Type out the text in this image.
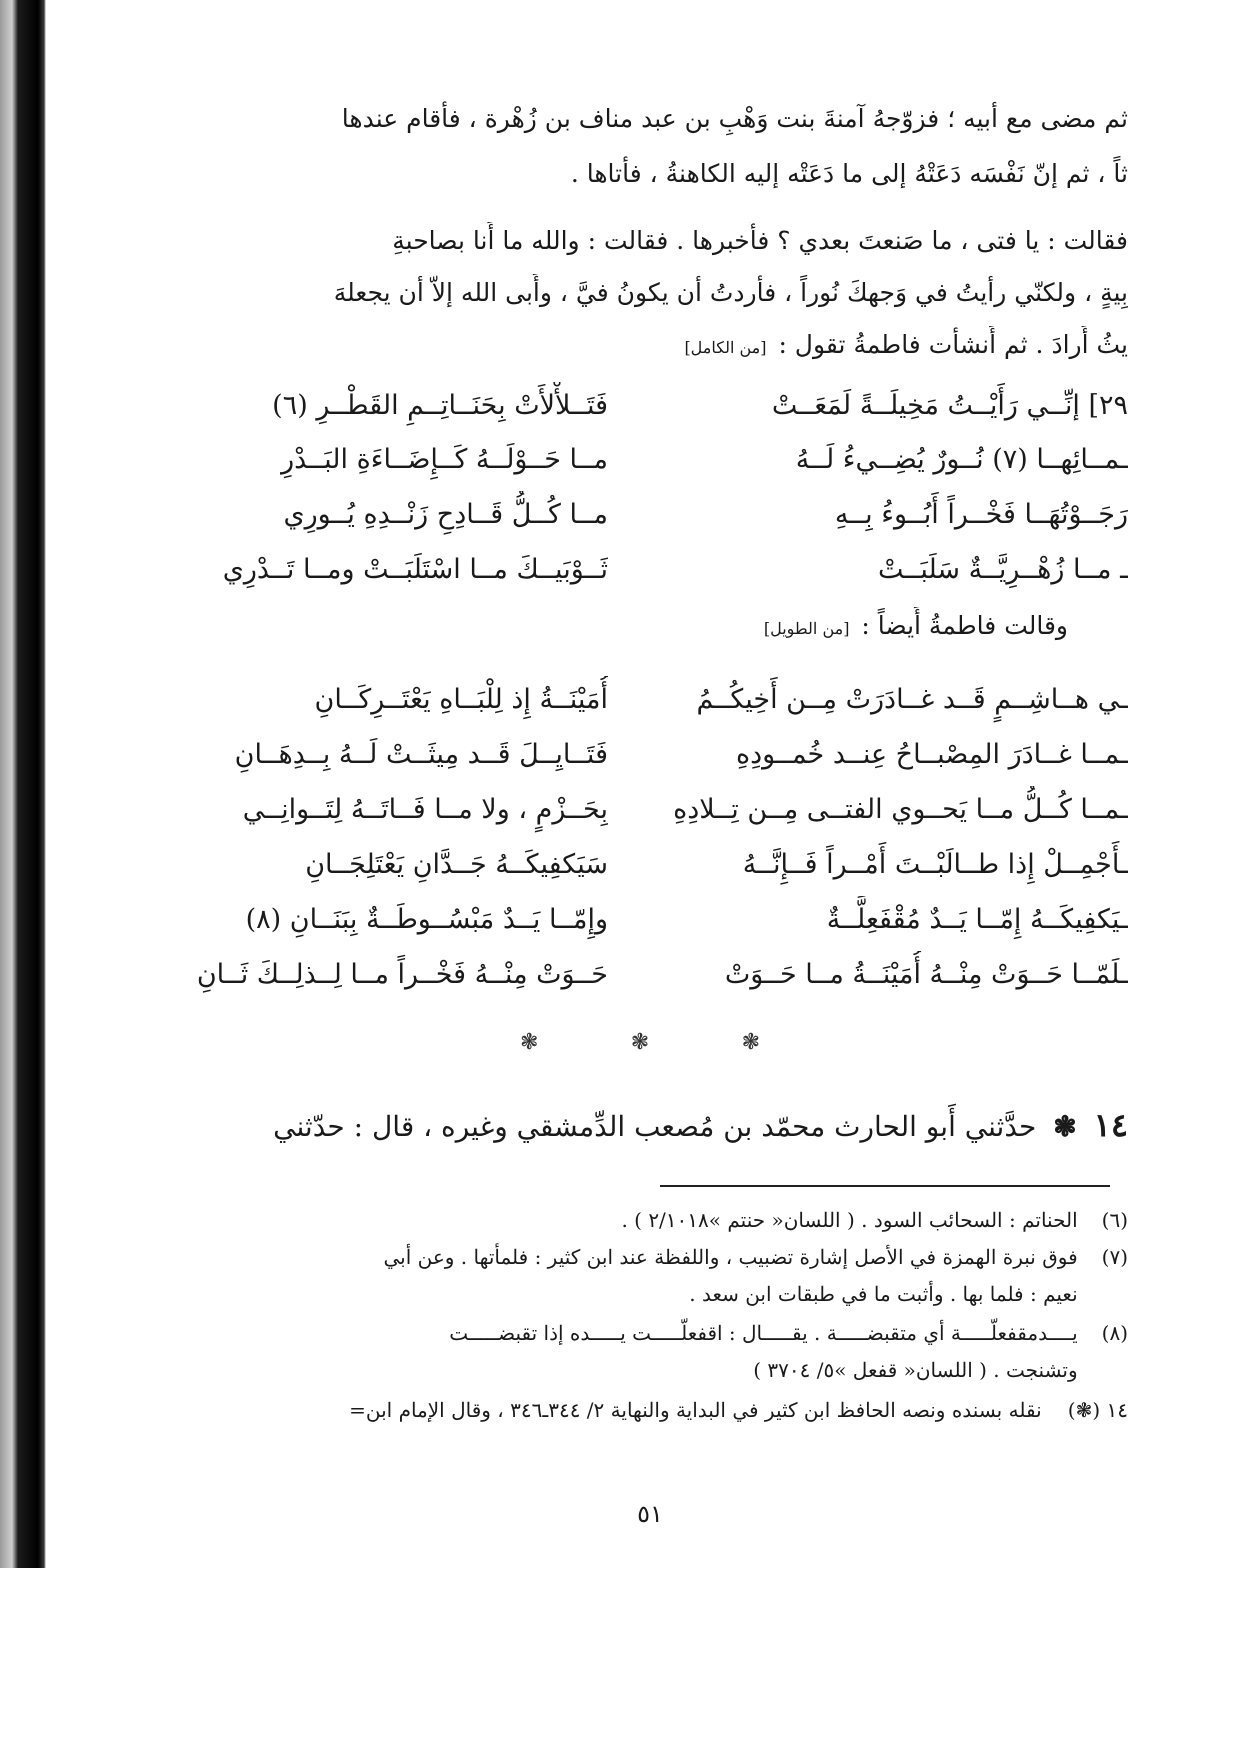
ثم مضى مع أبيه ؛ فزوّجهُ آمنةَ بنت وَهْبِ بن عبد مناف بن زُهْرة ، فأقام عندها
ثاً ، ثم إنّ نَفْسَه دَعَتْهُ إلى ما دَعَتْه إليه الكاهنةُ ، فأتاها .
فقالت : يا فتى ، ما صَنعتَ بعدي ؟ فأَخبرها . فقالت : والله ما أَنا بصاحبةِ
بِيةٍ ، ولكنّي رأيتُ في وَجهكَ نُوراً ، فأَردتُ أن يكونُ فيَّ ، وأَبى الله إلاّ أن يجعلهَ
يثُ أَرادَ . ثم أَنشأت فاطمةُ تقول : [من الكامل]
٢٩] إنِّــي رَأَيْــتُ مَخِيلَــةً لَمَعَــتْ
فَتَــلأْلأَتْ بِحَنَــاتِــمِ القَطْــرِ (٦)
ـمــائِهــا (٧) نُــورٌ يُضِــيءُ لَــهُ
مــا حَــوْلَــهُ كَــإِضَــاءَةِ البَــدْرِ
رَجَــوْتُهَــا فَخْــراً أَبُــوءُ بِــهِ
مــا كُــلُّ قَــادِحِ زَنْــدِهِ يُــورِي
ـ مــا زُهْــرِيَّــةٌ سَلَبَــتْ
ثَــوْبَيــكَ مــا اسْتَلَبَــتْ ومــا تَــدْرِي
وقالت فاطمةُ أَيضاً : [من الطويل]
ـي هــاشِــمٍ قَــد غــادَرَتْ مِــن أَخِيكُــمُ
أُمَيْنَــةُ إِذ لِلْبَــاهِ يَعْتَــرِكَــانِ
ـمــا غــادَرَ المِصْبــاحُ عِنــد خُمــودِهِ
فَتَــايِــلَ قَــد مِيثَــتْ لَــهُ بِــدِهَــانِ
ـمــا كُــلُّ مــا يَحــوي الفتــى مِــن تِــلادِهِ
بِحَــزْمٍ ، ولا مــا فَــاتَــهُ لِتَــوانِــي
ـأَجْمِــلْ إِذا طــالَبْــتَ أَمْــراً فَــإِنَّــهُ
سَيَكفِيكَــهُ جَــدَّانِ يَعْتَلِجَــانِ
ـيَكفِيكَــهُ إِمّــا يَــدٌ مُقْفَعِلَّــةٌ
وإِمّــا يَــدٌ مَبْسُــوطَــةٌ بِبَنَــانِ (٨)
ـلَمّــا حَــوَتْ مِنْــهُ أُمَيْنَــةُ مــا حَــوَتْ
حَــوَتْ مِنْــهُ فَخْــراً مــا لِــذلِــكَ ثَــانِ
١٤ ❃ حدَّثني أَبو الحارث محمّد بن مُصعب الدِّمشقي وغيره ، قال : حدّثني
(٦) الحناتم : السحائب السود . ( اللسان« حنتم »٢/١٠١٨ ) .
(٧) فوق نبرة الهمزة في الأصل إشارة تضبيب ، واللفظة عند ابن كثير : فلمأتها . وعن أبي
نعيم : فلما بها . وأثبت ما في طبقات ابن سعد .
(٨) يــــدمقفعلّـــــة أي متقبضـــــة . يقـــــال : اقفعلّـــــت يـــــده إذا تقبضـــــت
وتشنجت . ( اللسان« قفعل »٥/ ٣٧٠٤ )
١٤ (❃) نقله بسنده ونصه الحافظ ابن كثير في البداية والنهاية ٢/ ٣٤٤ـ٣٤٦ ، وقال الإمام ابن=
❃	❃	❃
٥١
